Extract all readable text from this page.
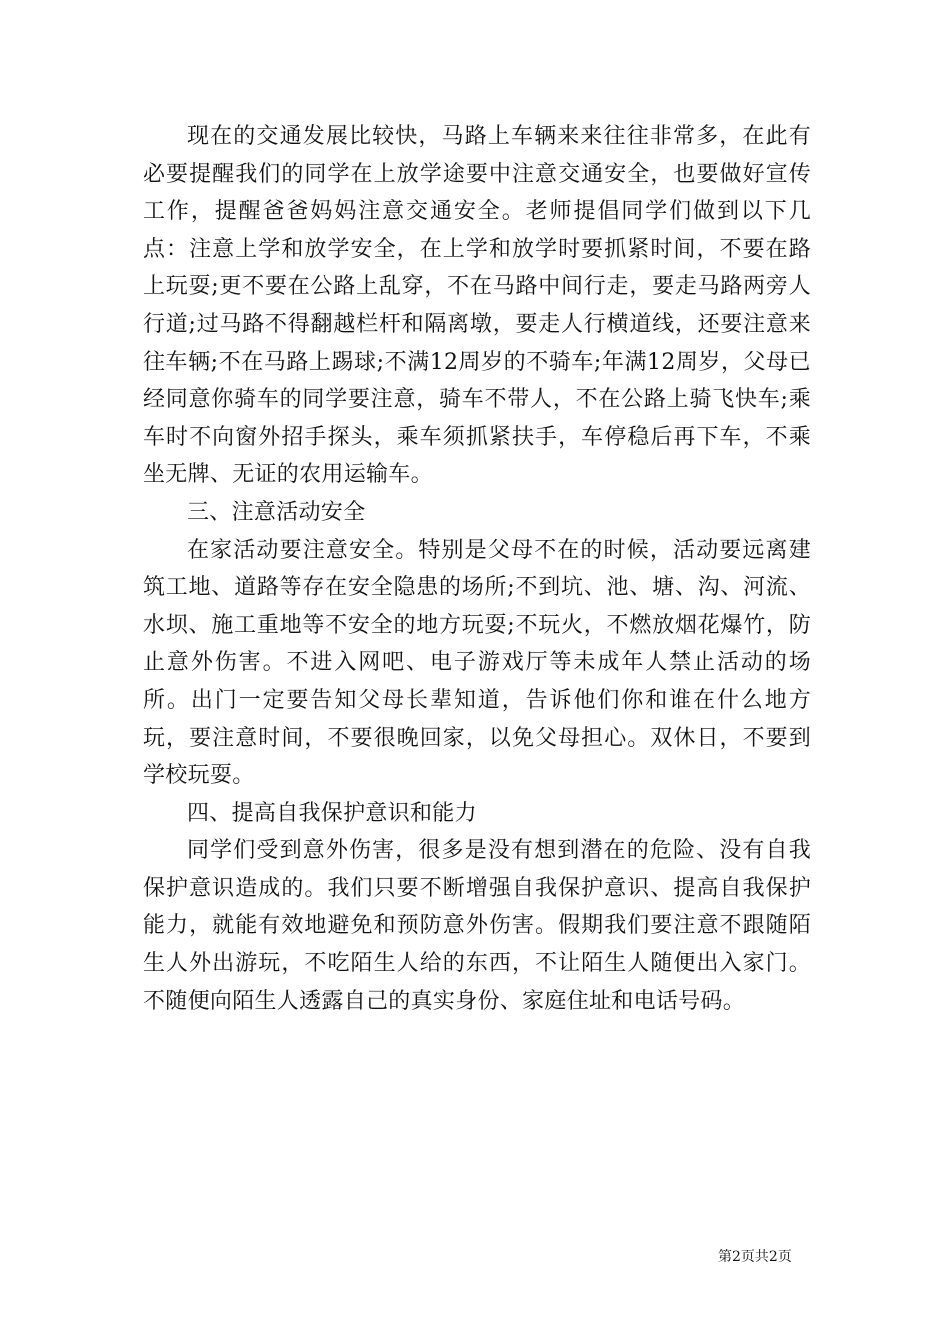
现在的交通发展比较快，马路上车辆来来往往非常多，在此有必要提醒我们的同学在上放学途要中注意交通安全，也要做好宣传工作，提醒爸爸妈妈注意交通安全。老师提倡同学们做到以下几点：注意上学和放学安全，在上学和放学时要抓紧时间，不要在路上玩耍;更不要在公路上乱穿，不在马路中间行走，要走马路两旁人行道;过马路不得翻越栏杆和隔离墩，要走人行横道线，还要注意来往车辆;不在马路上踢球;不满12周岁的不骑车;年满12周岁，父母已经同意你骑车的同学要注意，骑车不带人，不在公路上骑飞快车;乘车时不向窗外招手探头，乘车须抓紧扶手，车停稳后再下车，不乘坐无牌、无证的农用运输车。

三、注意活动安全

在家活动要注意安全。特别是父母不在的时候，活动要远离建筑工地、道路等存在安全隐患的场所;不到坑、池、塘、沟、河流、水坝、施工重地等不安全的地方玩耍;不玩火，不燃放烟花爆竹，防止意外伤害。不进入网吧、电子游戏厅等未成年人禁止活动的场所。出门一定要告知父母长辈知道，告诉他们你和谁在什么地方玩，要注意时间，不要很晚回家，以免父母担心。双休日，不要到学校玩耍。

四、提高自我保护意识和能力

同学们受到意外伤害，很多是没有想到潜在的危险、没有自我保护意识造成的。我们只要不断增强自我保护意识、提高自我保护能力，就能有效地避免和预防意外伤害。假期我们要注意不跟随陌生人外出游玩，不吃陌生人给的东西，不让陌生人随便出入家门。不随便向陌生人透露自己的真实身份、家庭住址和电话号码。

第2页共2页
